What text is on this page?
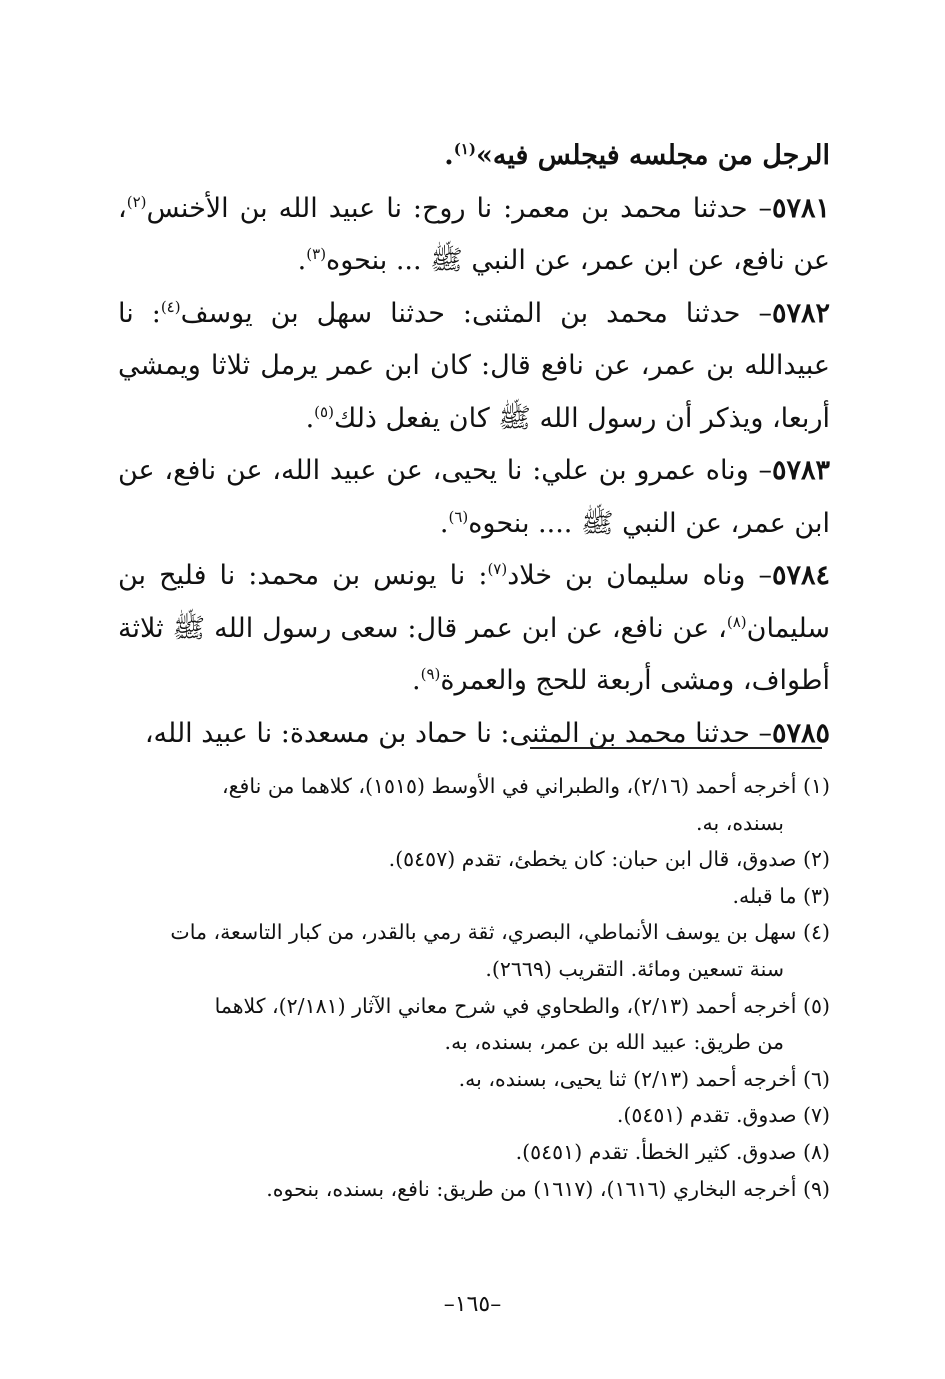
الرجل من مجلسه فيجلس فيه»$^{(١)}$.

٥٧٨١– حدثنا محمد بن معمر: نا روح: نا عبيد الله بن الأخنس$^{(٢)}$، عن نافع، عن ابن عمر، عن النبي ﷺ ... بنحوه$^{(٣)}$.

٥٧٨٢– حدثنا محمد بن المثنى: حدثنا سهل بن يوسف$^{(٤)}$: نا عبيدالله بن عمر، عن نافع قال: كان ابن عمر يرمل ثلاثا ويمشي أربعا، ويذكر أن رسول الله ﷺ كان يفعل ذلك$^{(٥)}$.

٥٧٨٣– وناه عمرو بن علي: نا يحيى، عن عبيد الله، عن نافع، عن ابن عمر، عن النبي ﷺ .... بنحوه$^{(٦)}$.

٥٧٨٤– وناه سليمان بن خلاد$^{(٧)}$: نا يونس بن محمد: نا فليح بن سليمان$^{(٨)}$، عن نافع، عن ابن عمر قال: سعى رسول الله ﷺ ثلاثة أطواف، ومشى أربعة للحج والعمرة$^{(٩)}$.

٥٧٨٥– حدثنا محمد بن المثنى: نا حماد بن مسعدة: نا عبيد الله،

(١) أخرجه أحمد (٢/١٦)، والطبراني في الأوسط (١٥١٥)، كلاهما من نافع،

بسنده، به.

(٢) صدوق، قال ابن حبان: كان يخطئ، تقدم (٥٤٥٧).

(٣) ما قبله.

(٤) سهل بن يوسف الأنماطي، البصري، ثقة رمي بالقدر، من كبار التاسعة، مات

سنة تسعين ومائة. التقريب (٢٦٦٩).

(٥) أخرجه أحمد (٢/١٣)، والطحاوي في شرح معاني الآثار (٢/١٨١)، كلاهما

من طريق: عبيد الله بن عمر، بسنده، به.

(٦) أخرجه أحمد (٢/١٣) ثنا يحيى، بسنده، به.

(٧) صدوق. تقدم (٥٤٥١).

(٨) صدوق. كثير الخطأ. تقدم (٥٤٥١).

(٩) أخرجه البخاري (١٦١٦)، (١٦١٧) من طريق: نافع، بسنده، بنحوه.

–١٦٥–
